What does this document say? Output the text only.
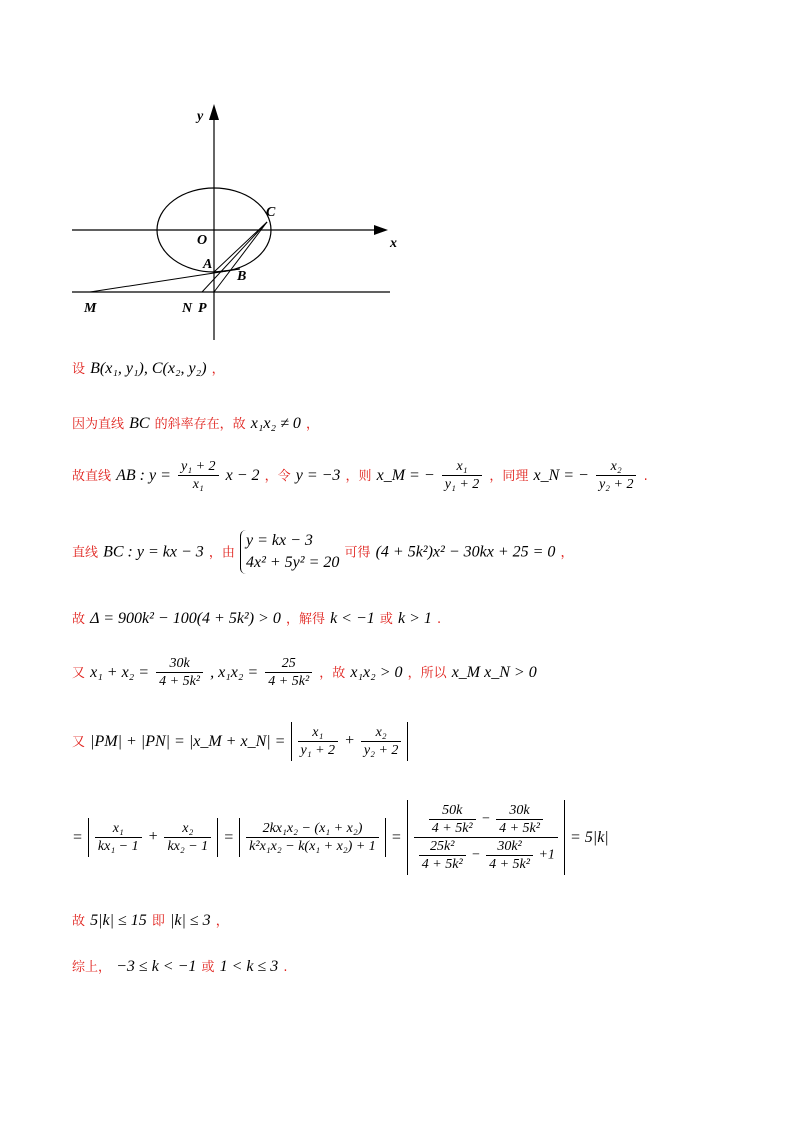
y
x
O
C
A
B
M	N P
设 B(x₁, y₁), C(x₂, y₂) ，
因为直线 BC 的斜率存在，故 x₁x₂ ≠ 0 ，
故直线 AB : $y = \frac{\text{y₁ + 2}}{\text{x₁}}$ x − 2 ，令 y = −3 ，则 x_M = − $\frac{\text{x₁}}{\text{y₁ + 2}}$ ，同理 x_N = − $\frac{\text{x₂}}{\text{y₂ + 2}}$ .
直线 BC : y = kx − 3 ，由
y = kx − 3
4x² + 5y² = 20
可得 (4 + 5k²)x² − 30kx + 25 = 0 ，
故 Δ = 900k² − 100(4 + 5k²) > 0 ，解得 k < −1 或 k > 1 .
又 $x_1 + x_2 = \frac{30k}{\text{4 + 5k²}}$ , $x_1x_2 = \frac{25}{\text{4 + 5k²}}$ ，故 x₁x₂ > 0 ，所以 x_M x_N > 0
又 |PM| + |PN| = |x_M + x_N| = $\frac{\text{x₁}}{\text{y₁ + 2}} + \frac{\text{x₂}}{\text{y₂ + 2}}$
= $\frac{\text{x₁}}{\text{kx₁ − 1}} + \frac{\text{x₂}}{\text{kx₂ − 1}} = \frac{\text{2kx₁x₂ − (x₁ + x₂)}}{\text{k²x₁x₂ − k(x₁ + x₂) + 1}} = \frac{\frac{50k}{\text{4 + 5k²}} - \frac{30k}{\text{4 + 5k²}}}{\frac{\text{25k²}}{\text{4 + 5k²}} - \frac{\text{30k²}}{\text{4 + 5k²}} +1} = 5|k|$
故 5|k| ≤ 15 即 |k| ≤ 3 ，
综上， −3 ≤ k < −1 或 1 < k ≤ 3 .
